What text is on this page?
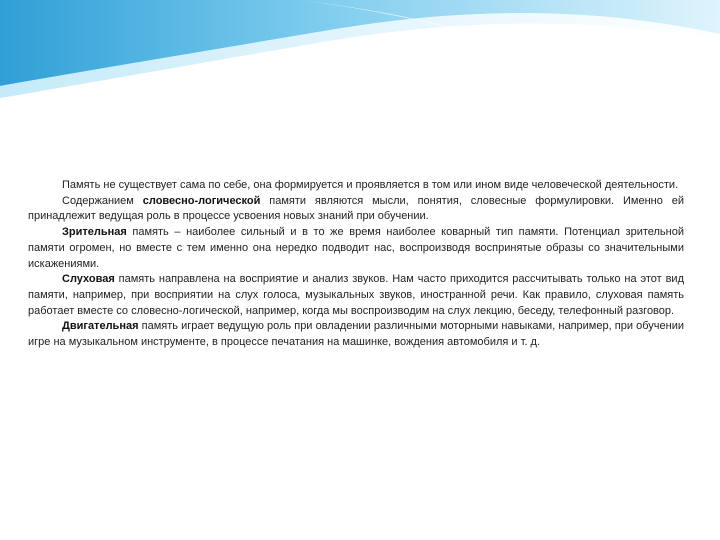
Память не существует сама по себе, она формируется и проявляется в том или ином виде человеческой деятельности.

Содержанием словесно-логической памяти являются мысли, понятия, словесные формулировки. Именно ей принадлежит ведущая роль в процессе усвоения новых знаний при обучении.

Зрительная память – наиболее сильный и в то же время наиболее коварный тип памяти. Потенциал зрительной памяти огромен, но вместе с тем именно она нередко подводит нас, воспроизводя воспринятые образы со значительными искажениями.

Слуховая память направлена на восприятие и анализ звуков. Нам часто приходится рассчитывать только на этот вид памяти, например, при восприятии на слух голоса, музыкальных звуков, иностранной речи. Как правило, слуховая память работает вместе со словесно-логической, например, когда мы воспроизводим на слух лекцию, беседу, телефонный разговор.

Двигательная память играет ведущую роль при овладении различными моторными навыками, например, при обучении игре на музыкальном инструменте, в процессе печатания на машинке, вождения автомобиля и т. д.
